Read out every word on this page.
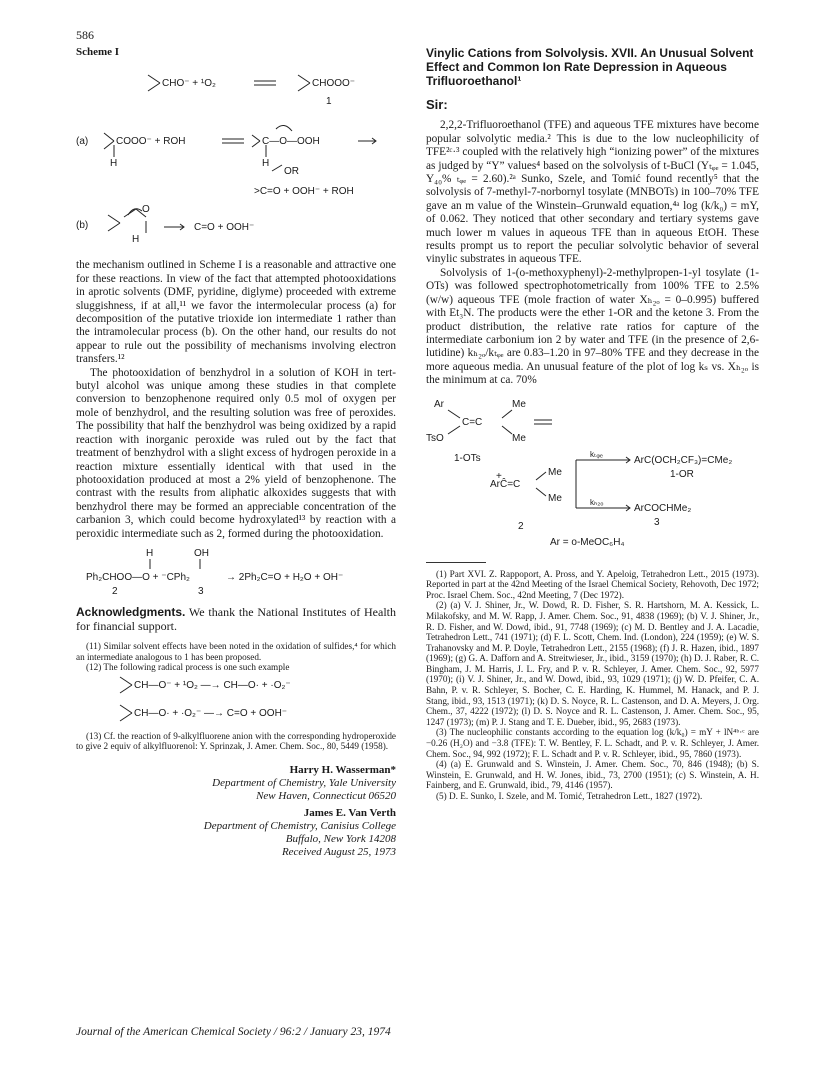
586
Scheme I
CHO⁻ + ¹O₂	CHOOO⁻
1
(a)	COOO⁻ + ROH
H
C—O—OOH
H
OR
>C=O + OOH⁻ + ROH
(b)
H
O
C=O + OOH⁻

the mechanism outlined in Scheme I is a reasonable and attractive one for these reactions. In view of the fact that attempted photooxidations in aprotic solvents (DMF, pyridine, diglyme) proceeded with extreme sluggishness, if at all,¹¹ we favor the intermolecular process (a) for decomposition of the putative trioxide ion intermediate 1 rather than the intramolecular process (b). On the other hand, our results do not appear to rule out the possibility of mechanisms involving electron transfers.¹²

The photooxidation of benzhydrol in a solution of KOH in tert-butyl alcohol was unique among these studies in that complete conversion to benzophenone required only 0.5 mol of oxygen per mole of benzhydrol, and the resulting solution was free of peroxides. The possibility that half the benzhydrol was being oxidized by a rapid reaction with inorganic peroxide was ruled out by the fact that treatment of benzhydrol with a slight excess of hydrogen peroxide in a reaction mixture essentially identical with that used in the photooxidation produced at most a 2% yield of benzophenone. The contrast with the results from aliphatic alkoxides suggests that with benzhydrol there may be formed an appreciable concentration of the carbanion 3, which could become hydroxylated¹³ by reaction with a peroxidic intermediate such as 2, formed during the photooxidation.

H	OH
Ph₂CHOO—O + ⁻CPh₂	→ 2Ph₂C=O + H₂O + OH⁻
2	3

Acknowledgments. We thank the National Institutes of Health for financial support.

(11) Similar solvent effects have been noted in the oxidation of sulfides,⁴ for which an intermediate analogous to 1 has been proposed.

(12) The following radical process is one such example

CH—O⁻ + ¹O₂ —→ CH—O· + ·O₂⁻
CH—O· + ·O₂⁻ —→ C=O + OOH⁻

(13) Cf. the reaction of 9-alkylfluorene anion with the corresponding hydroperoxide to give 2 equiv of alkylfluorenol: Y. Sprinzak, J. Amer. Chem. Soc., 80, 5449 (1958).

Harry H. Wasserman*
Department of Chemistry, Yale University
New Haven, Connecticut 06520
James E. Van Verth
Department of Chemistry, Canisius College
Buffalo, New York 14208
Received August 25, 1973
Vinylic Cations from Solvolysis. XVII. An Unusual Solvent Effect and Common Ion Rate Depression in Aqueous Trifluoroethanol¹
Sir:

2,2,2-Trifluoroethanol (TFE) and aqueous TFE mixtures have become popular solvolytic media.² This is due to the low nucleophilicity of TFE²ᶜ·³ coupled with the relatively high “ionizing power” of the mixtures as judged by “Y” values⁴ based on the solvolysis of t-BuCl (Yₜᵩₑ = 1.045, Y₄₀% ₜᵩₑ = 2.60).²ᵃ Sunko, Szele, and Tomić found recently⁵ that the solvolysis of 7-methyl-7-norbornyl tosylate (MNBOTs) in 100–70% TFE gave an m value of the Winstein–Grunwald equation,⁴ᵃ log (k/k₀) = mY, of 0.062. They noticed that other secondary and tertiary systems gave much lower m values in aqueous TFE than in aqueous EtOH. These results prompt us to report the peculiar solvolytic behavior of several vinylic substrates in aqueous TFE.

Solvolysis of 1-(o-methoxyphenyl)-2-methylpropen-1-yl tosylate (1-OTs) was followed spectrophotometrically from 100% TFE to 2.5% (w/w) aqueous TFE (mole fraction of water Xₕ₂ₒ = 0–0.995) buffered with Et₃N. The products were the ether 1-OR and the ketone 3. From the product distribution, the relative rate ratios for capture of the intermediate carbonium ion 2 by water and TFE (in the presence of 2,6-lutidine) kₕ₂ₒ/kₜᵩₑ are 0.83–1.20 in 97–80% TFE and they decrease in the more aqueous media. An unusual feature of the plot of log kₛ vs. Xₕ₂ₒ is the minimum at ca. 70%

Ar	Me
C=C
TsO	Me
1-OTs
+
ArĈ=C
Me
Me
kₜᵩₑ
kₕ₂ₒ
ArC(OCH₂CF₃)=CMe₂
1-OR
ArCOCHMe₂
2	3
Ar = o-MeOC₆H₄

(1) Part XVI. Z. Rappoport, A. Pross, and Y. Apeloig, Tetrahedron Lett., 2015 (1973). Reported in part at the 42nd Meeting of the Israel Chemical Society, Rehovoth, Dec 1972; Proc. Israel Chem. Soc., 42nd Meeting, 7 (Dec 1972).

(2) (a) V. J. Shiner, Jr., W. Dowd, R. D. Fisher, S. R. Hartshorn, M. A. Kessick, L. Milakofsky, and M. W. Rapp, J. Amer. Chem. Soc., 91, 4838 (1969); (b) V. J. Shiner, Jr., R. D. Fisher, and W. Dowd, ibid., 91, 7748 (1969); (c) M. D. Bentley and J. A. Lacadie, Tetrahedron Lett., 741 (1971); (d) F. L. Scott, Chem. Ind. (London), 224 (1959); (e) W. S. Trahanovsky and M. P. Doyle, Tetrahedron Lett., 2155 (1968); (f) J. R. Hazen, ibid., 1897 (1969); (g) G. A. Dafforn and A. Streitwieser, Jr., ibid., 3159 (1970); (h) D. J. Raber, R. C. Bingham, J. M. Harris, J. L. Fry, and P. v. R. Schleyer, J. Amer. Chem. Soc., 92, 5977 (1970); (i) V. J. Shiner, Jr., and W. Dowd, ibid., 93, 1029 (1971); (j) W. D. Pfeifer, C. A. Bahn, P. v. R. Schleyer, S. Bocher, C. E. Harding, K. Hummel, M. Hanack, and P. J. Stang, ibid., 93, 1513 (1971); (k) D. S. Noyce, R. L. Castenson, and D. A. Meyers, J. Org. Chem., 37, 4222 (1972); (l) D. S. Noyce and R. L. Castenson, J. Amer. Chem. Soc., 95, 1247 (1973); (m) P. J. Stang and T. E. Dueber, ibid., 95, 2683 (1973).

(3) The nucleophilic constants according to the equation log (k/k₀) = mY + lN⁴ᵇ·ᶜ are −0.26 (H₂O) and −3.8 (TFE): T. W. Bentley, F. L. Schadt, and P. v. R. Schleyer, J. Amer. Chem. Soc., 94, 992 (1972); F. L. Schadt and P. v. R. Schleyer, ibid., 95, 7860 (1973).

(4) (a) E. Grunwald and S. Winstein, J. Amer. Chem. Soc., 70, 846 (1948); (b) S. Winstein, E. Grunwald, and H. W. Jones, ibid., 73, 2700 (1951); (c) S. Winstein, A. H. Fainberg, and E. Grunwald, ibid., 79, 4146 (1957).

(5) D. E. Sunko, I. Szele, and M. Tomić, Tetrahedron Lett., 1827 (1972).

Journal of the American Chemical Society / 96:2 / January 23, 1974
